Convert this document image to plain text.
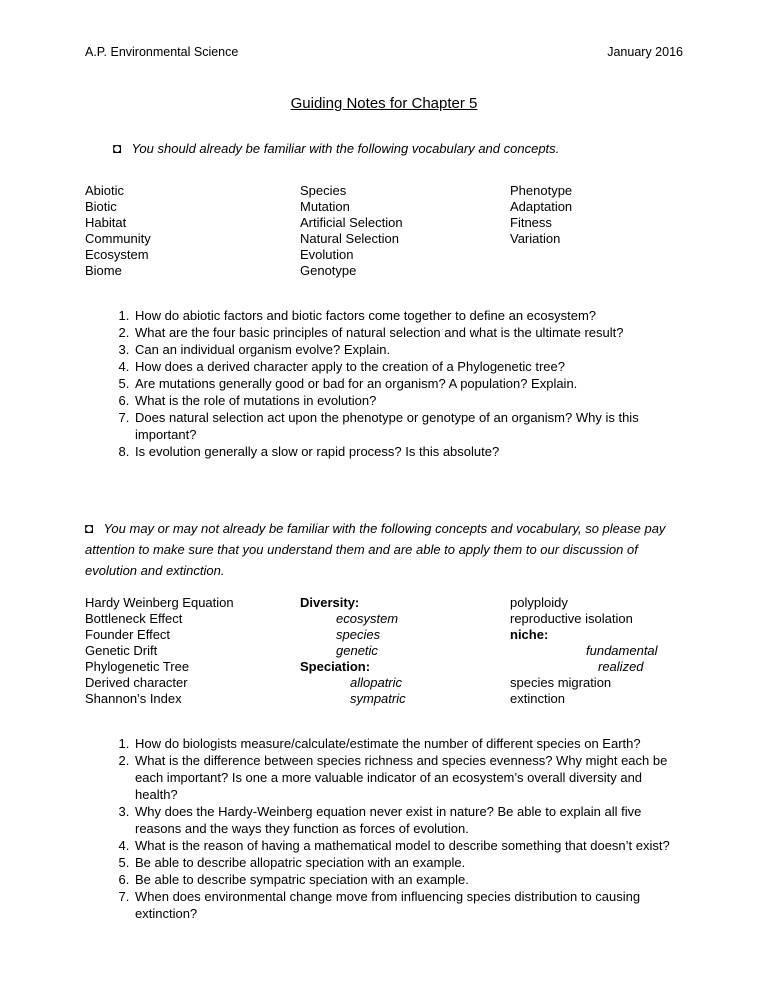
A.P. Environmental Science	January 2016
Guiding Notes for Chapter 5
◘ You should already be familiar with the following vocabulary and concepts.
Abiotic
Biotic
Habitat
Community
Ecosystem
Biome
Species
Mutation
Artificial Selection
Natural Selection
Evolution
Genotype
Phenotype
Adaptation
Fitness
Variation
1. How do abiotic factors and biotic factors come together to define an ecosystem?
2. What are the four basic principles of natural selection and what is the ultimate result?
3. Can an individual organism evolve? Explain.
4. How does a derived character apply to the creation of a Phylogenetic tree?
5. Are mutations generally good or bad for an organism? A population? Explain.
6. What is the role of mutations in evolution?
7. Does natural selection act upon the phenotype or genotype of an organism? Why is this important?
8. Is evolution generally a slow or rapid process? Is this absolute?
◘ You may or may not already be familiar with the following concepts and vocabulary, so please pay attention to make sure that you understand them and are able to apply them to our discussion of evolution and extinction.
Hardy Weinberg Equation
Bottleneck Effect
Founder Effect
Genetic Drift
Phylogenetic Tree
Derived character
Shannon’s Index
Diversity:
ecosystem
species
genetic
Speciation:
allopatric
sympatric
polyploidy
reproductive isolation
niche:
fundamental
realized
species migration
extinction
1. How do biologists measure/calculate/estimate the number of different species on Earth?
2. What is the difference between species richness and species evenness? Why might each be each important? Is one a more valuable indicator of an ecosystem’s overall diversity and health?
3. Why does the Hardy-Weinberg equation never exist in nature? Be able to explain all five reasons and the ways they function as forces of evolution.
4. What is the reason of having a mathematical model to describe something that doesn’t exist?
5. Be able to describe allopatric speciation with an example.
6. Be able to describe sympatric speciation with an example.
7. When does environmental change move from influencing species distribution to causing extinction?
